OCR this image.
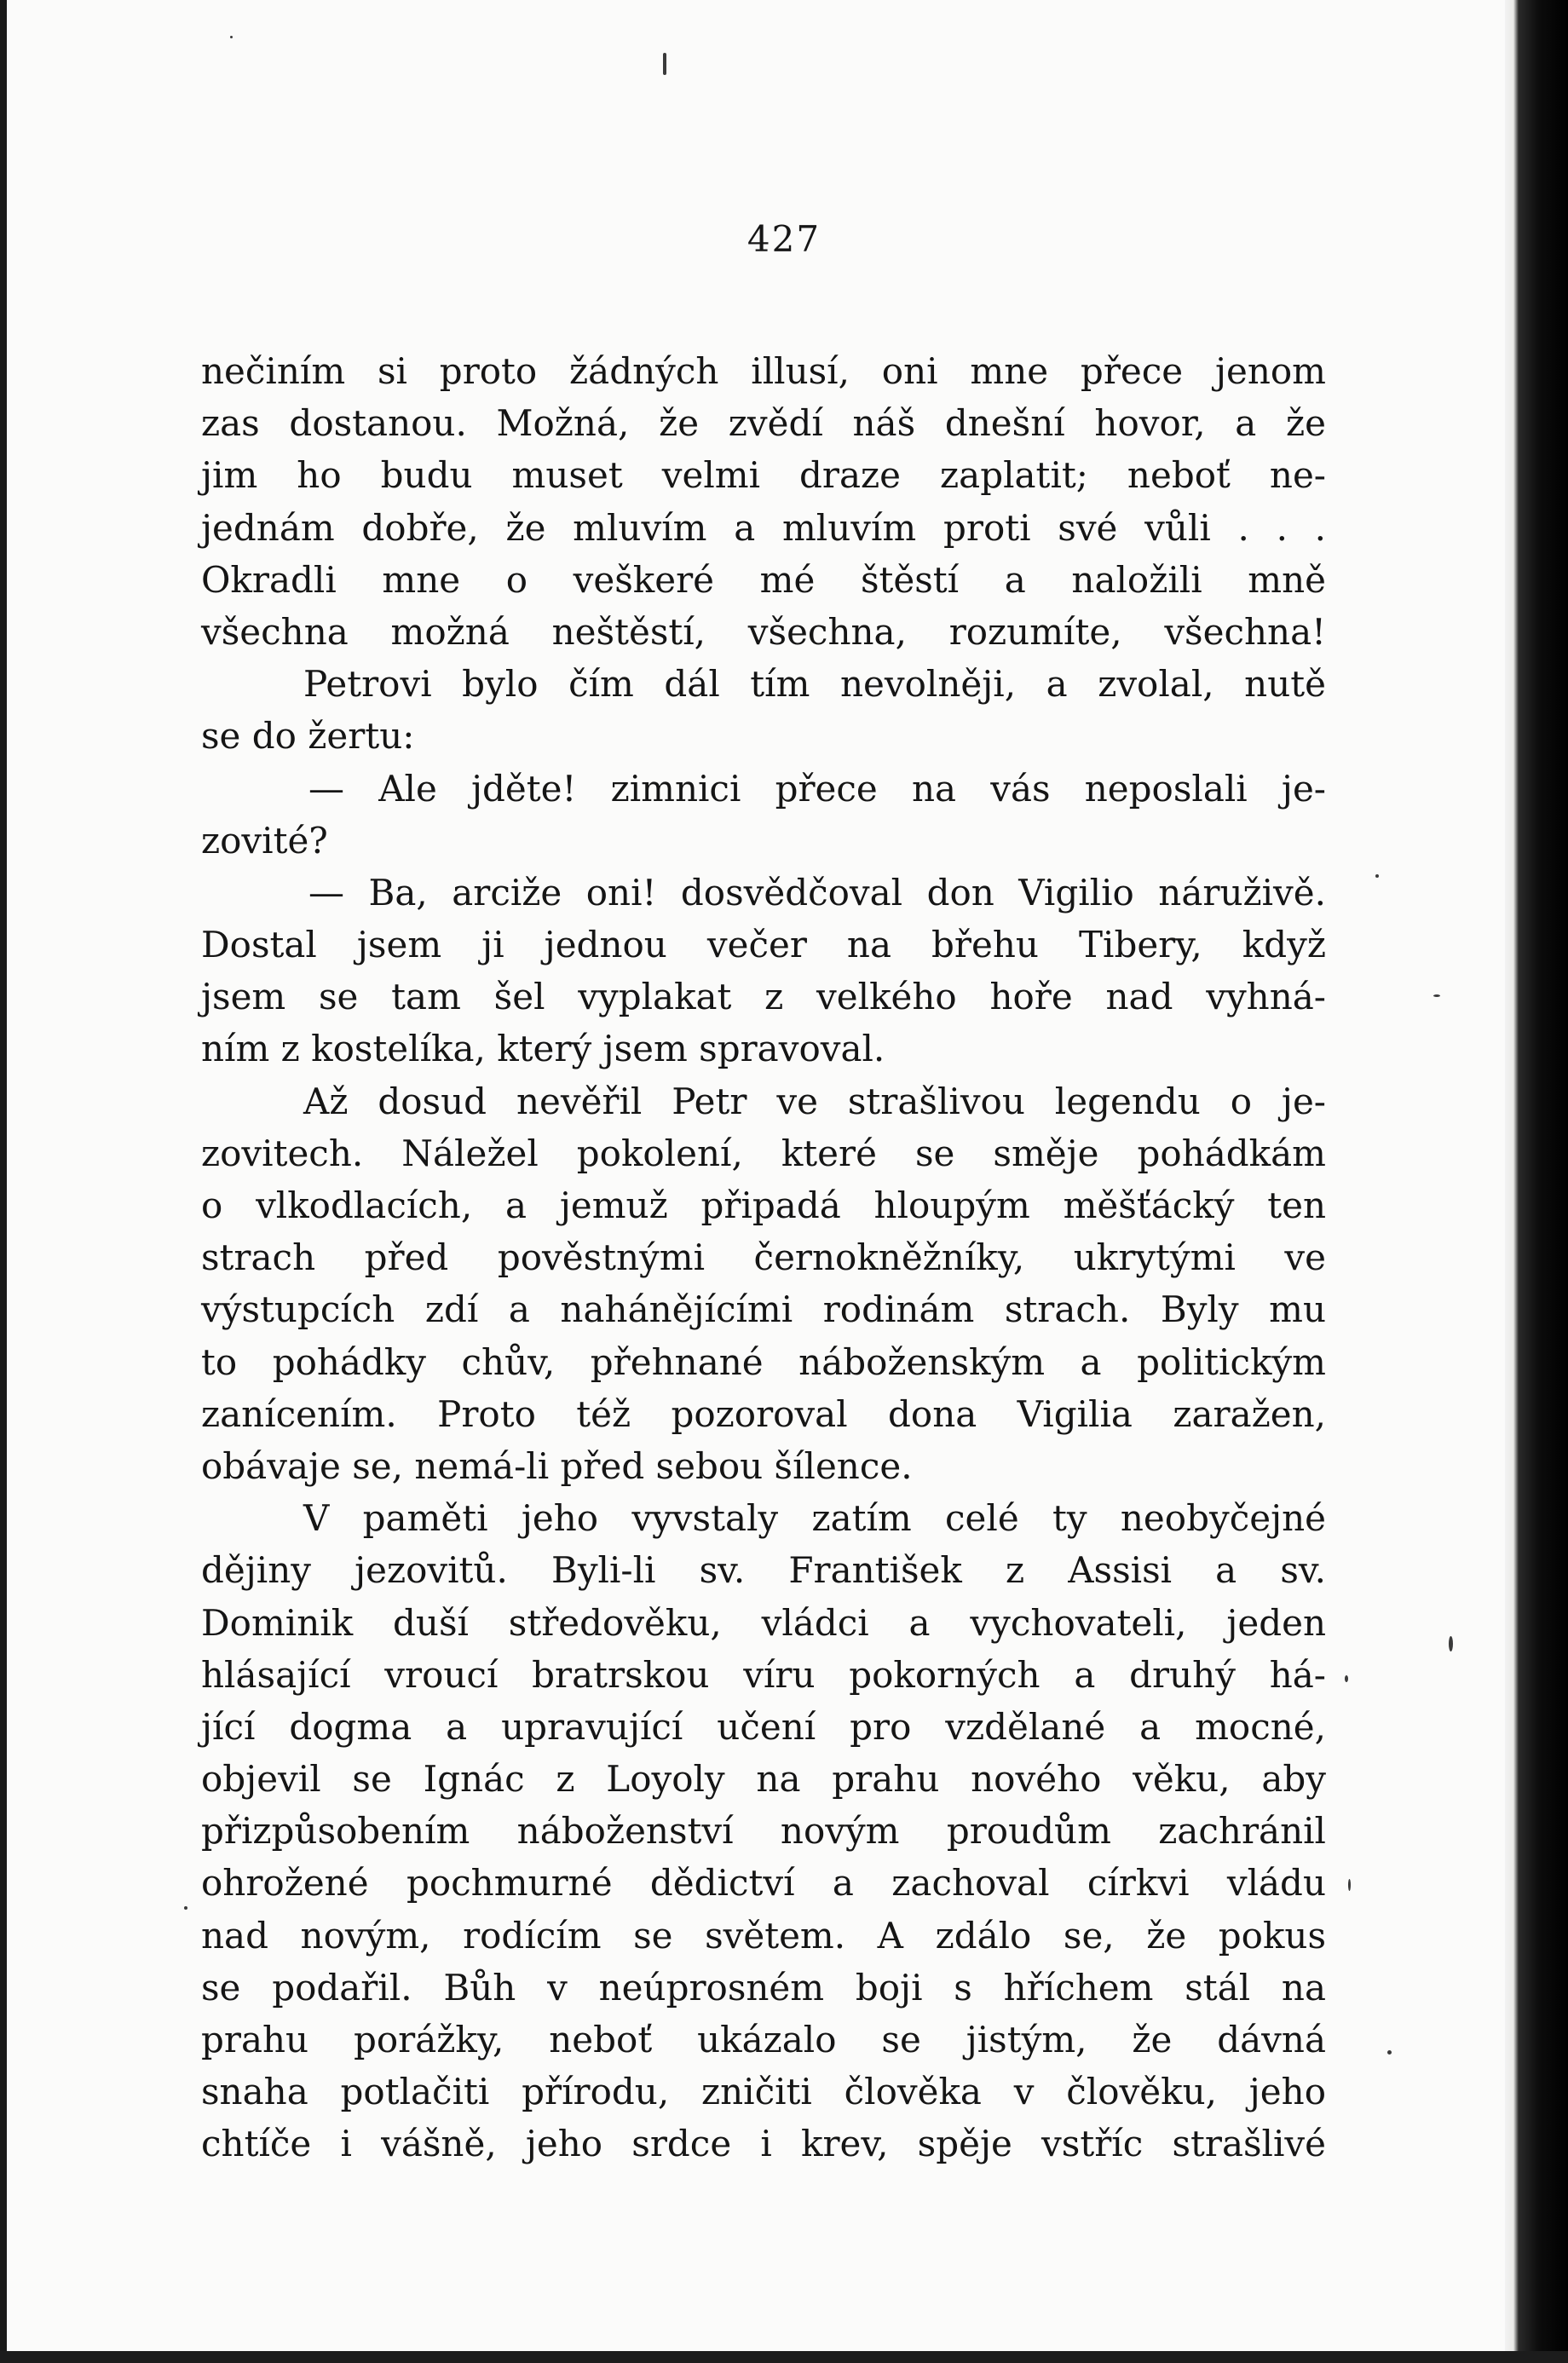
427
nečiním si proto žádných illusí, oni mne přece jenom
zas dostanou. Možná, že zvědí náš dnešní hovor, a že
jim ho budu muset velmi draze zaplatit; neboť ne-
jednám dobře, že mluvím a mluvím proti své vůli . . .
Okradli mne o veškeré mé štěstí a naložili mně
všechna možná neštěstí, všechna, rozumíte, všechna!
Petrovi bylo čím dál tím nevolněji, a zvolal, nutě
se do žertu:
— Ale jděte! zimnici přece na vás neposlali je-
zovité?
— Ba, arciže oni! dosvědčoval don Vigilio náruživě.
Dostal jsem ji jednou večer na břehu Tibery, když
jsem se tam šel vyplakat z velkého hoře nad vyhná-
ním z kostelíka, který jsem spravoval.
Až dosud nevěřil Petr ve strašlivou legendu o je-
zovitech. Náležel pokolení, které se směje pohádkám
o vlkodlacích, a jemuž připadá hloupým měšťácký ten
strach před pověstnými černokněžníky, ukrytými ve
výstupcích zdí a nahánějícími rodinám strach. Byly mu
to pohádky chův, přehnané náboženským a politickým
zanícením. Proto též pozoroval dona Vigilia zaražen,
obávaje se, nemá-li před sebou šílence.
V paměti jeho vyvstaly zatím celé ty neobyčejné
dějiny jezovitů. Byli-li sv. František z Assisi a sv.
Dominik duší středověku, vládci a vychovateli, jeden
hlásající vroucí bratrskou víru pokorných a druhý há-
jící dogma a upravující učení pro vzdělané a mocné,
objevil se Ignác z Loyoly na prahu nového věku, aby
přizpůsobením náboženství novým proudům zachránil
ohrožené pochmurné dědictví a zachoval církvi vládu
nad novým, rodícím se světem. A zdálo se, že pokus
se podařil. Bůh v neúprosném boji s hříchem stál na
prahu porážky, neboť ukázalo se jistým, že dávná
snaha potlačiti přírodu, zničiti člověka v člověku, jeho
chtíče i vášně, jeho srdce i krev, spěje vstříc strašlivé
